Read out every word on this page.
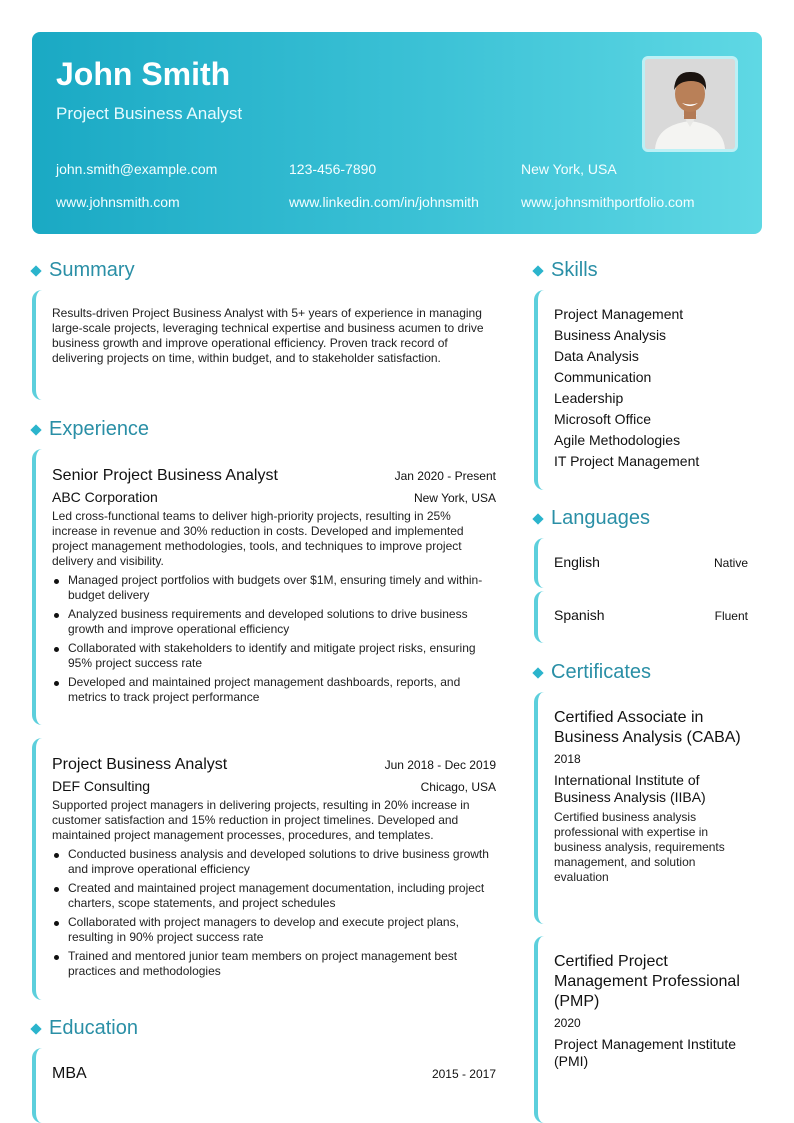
John Smith
Project Business Analyst
john.smith@example.com	123-456-7890	New York, USA
www.johnsmith.com	www.linkedin.com/in/johnsmith	www.johnsmithportfolio.com
Summary
Results-driven Project Business Analyst with 5+ years of experience in managing large-scale projects, leveraging technical expertise and business acumen to drive business growth and improve operational efficiency. Proven track record of delivering projects on time, within budget, and to stakeholder satisfaction.
Experience
Senior Project Business Analyst	Jan 2020 - Present
ABC Corporation	New York, USA
Led cross-functional teams to deliver high-priority projects, resulting in 25% increase in revenue and 30% reduction in costs. Developed and implemented project management methodologies, tools, and techniques to improve project delivery and visibility.
Managed project portfolios with budgets over $1M, ensuring timely and within-budget delivery
Analyzed business requirements and developed solutions to drive business growth and improve operational efficiency
Collaborated with stakeholders to identify and mitigate project risks, ensuring 95% project success rate
Developed and maintained project management dashboards, reports, and metrics to track project performance
Project Business Analyst	Jun 2018 - Dec 2019
DEF Consulting	Chicago, USA
Supported project managers in delivering projects, resulting in 20% increase in customer satisfaction and 15% reduction in project timelines. Developed and maintained project management processes, procedures, and templates.
Conducted business analysis and developed solutions to drive business growth and improve operational efficiency
Created and maintained project management documentation, including project charters, scope statements, and project schedules
Collaborated with project managers to develop and execute project plans, resulting in 90% project success rate
Trained and mentored junior team members on project management best practices and methodologies
Education
MBA	2015 - 2017
Skills
Project Management
Business Analysis
Data Analysis
Communication
Leadership
Microsoft Office
Agile Methodologies
IT Project Management
Languages
English	Native
Spanish	Fluent
Certificates
Certified Associate in Business Analysis (CABA)
2018
International Institute of Business Analysis (IIBA)
Certified business analysis professional with expertise in business analysis, requirements management, and solution evaluation
Certified Project Management Professional (PMP)
2020
Project Management Institute (PMI)
